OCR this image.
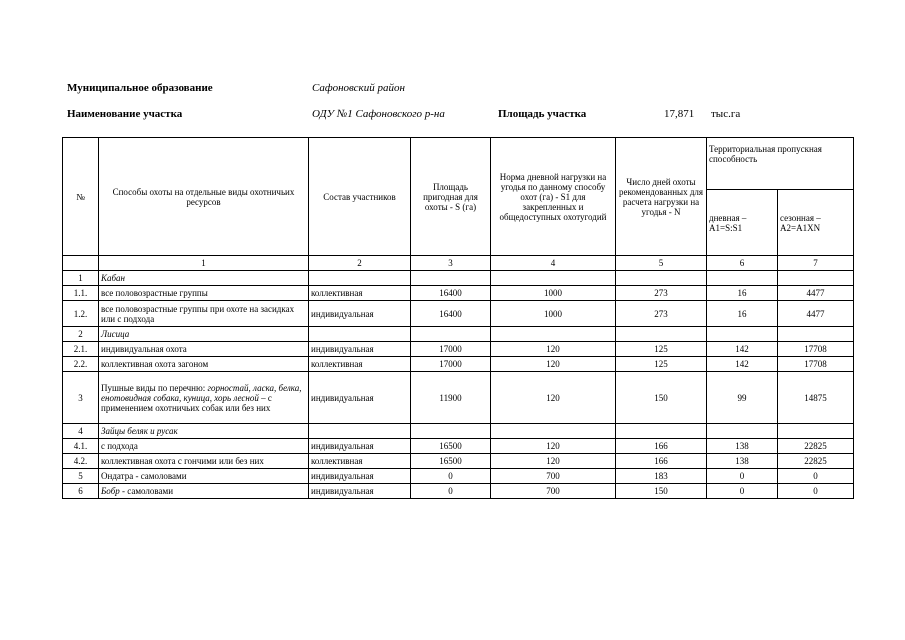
Муниципальное образование	Сафоновский район
Наименование участка	ОДУ №1 Сафоновского р-на	Площадь участка	17,871 тыс.га
№	Способы охоты на отдельные виды охотничьих ресурсов	Состав участников	Площадь пригодная для охоты - S (га)	Норма дневной нагрузки на угодья по данному способу охот (га) - S1 для закрепленных и общедоступных охотугодий	Число дней охоты рекомендованных для расчета нагрузки на угодья - N	Территориальная пропускная способность	
						дневная – А1=S:S1	сезонная – А2=А1ХN
	1	2	3	4	5	6	7
1	Кабан						
1.1.	все половозрастные группы	коллективная	16400	1000	273	16	4477
1.2.	все половозрастные группы при охоте на засидках или с подхода	индивидуальная	16400	1000	273	16	4477
2	Лисица						
2.1.	индивидуальная охота	индивидуальная	17000	120	125	142	17708
2.2.	коллективная охота загоном	коллективная	17000	120	125	142	17708
3	Пушные виды по перечню: горностай, ласка, белка, енотовидная собака, куница, хорь лесной – с применением охотничьих собак или без них	индивидуальная	11900	120	150	99	14875
4	Зайцы беляк и русак						
4.1.	с подхода	индивидуальная	16500	120	166	138	22825
4.2.	коллективная охота с гончими или без них	коллективная	16500	120	166	138	22825
5	Ондатра - самоловами	индивидуальная	0	700	183	0	0
6	Бобр - самоловами	индивидуальная	0	700	150	0	0
